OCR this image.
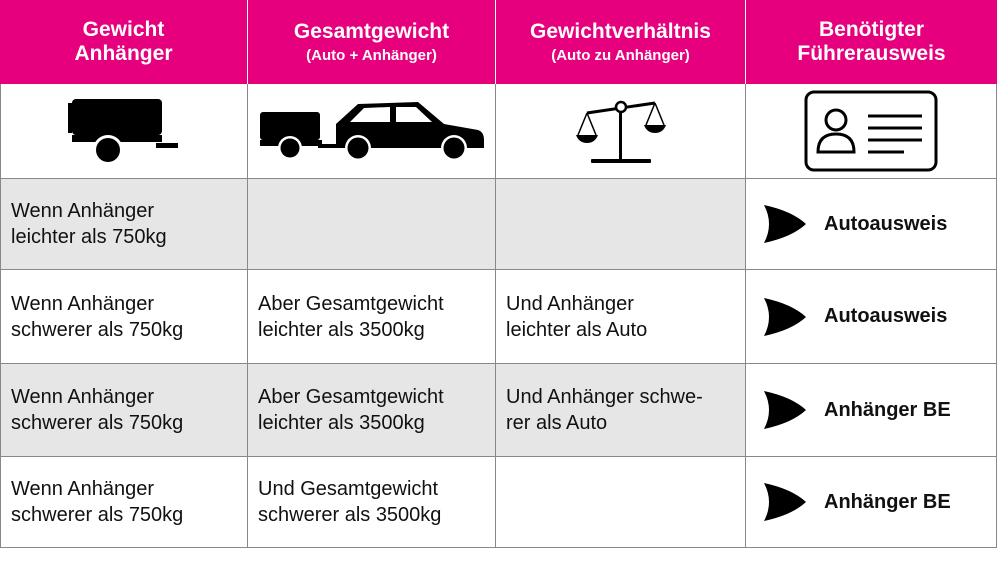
Gewicht
Anhänger
Gesamtgewicht
(Auto + Anhänger)
Gewichtverhältnis
(Auto zu Anhänger)
Benötigter
Führerausweis
Wenn Anhänger
leichter als 750kg
Autoausweis
Wenn Anhänger
schwerer als 750kg
Aber Gesamtgewicht
leichter als 3500kg
Und Anhänger
leichter als Auto
Autoausweis
Wenn Anhänger
schwerer als 750kg
Aber Gesamtgewicht
leichter als 3500kg
Und Anhänger schwe-
rer als Auto
Anhänger BE
Wenn Anhänger
schwerer als 750kg
Und Gesamtgewicht
schwerer als 3500kg
Anhänger BE
